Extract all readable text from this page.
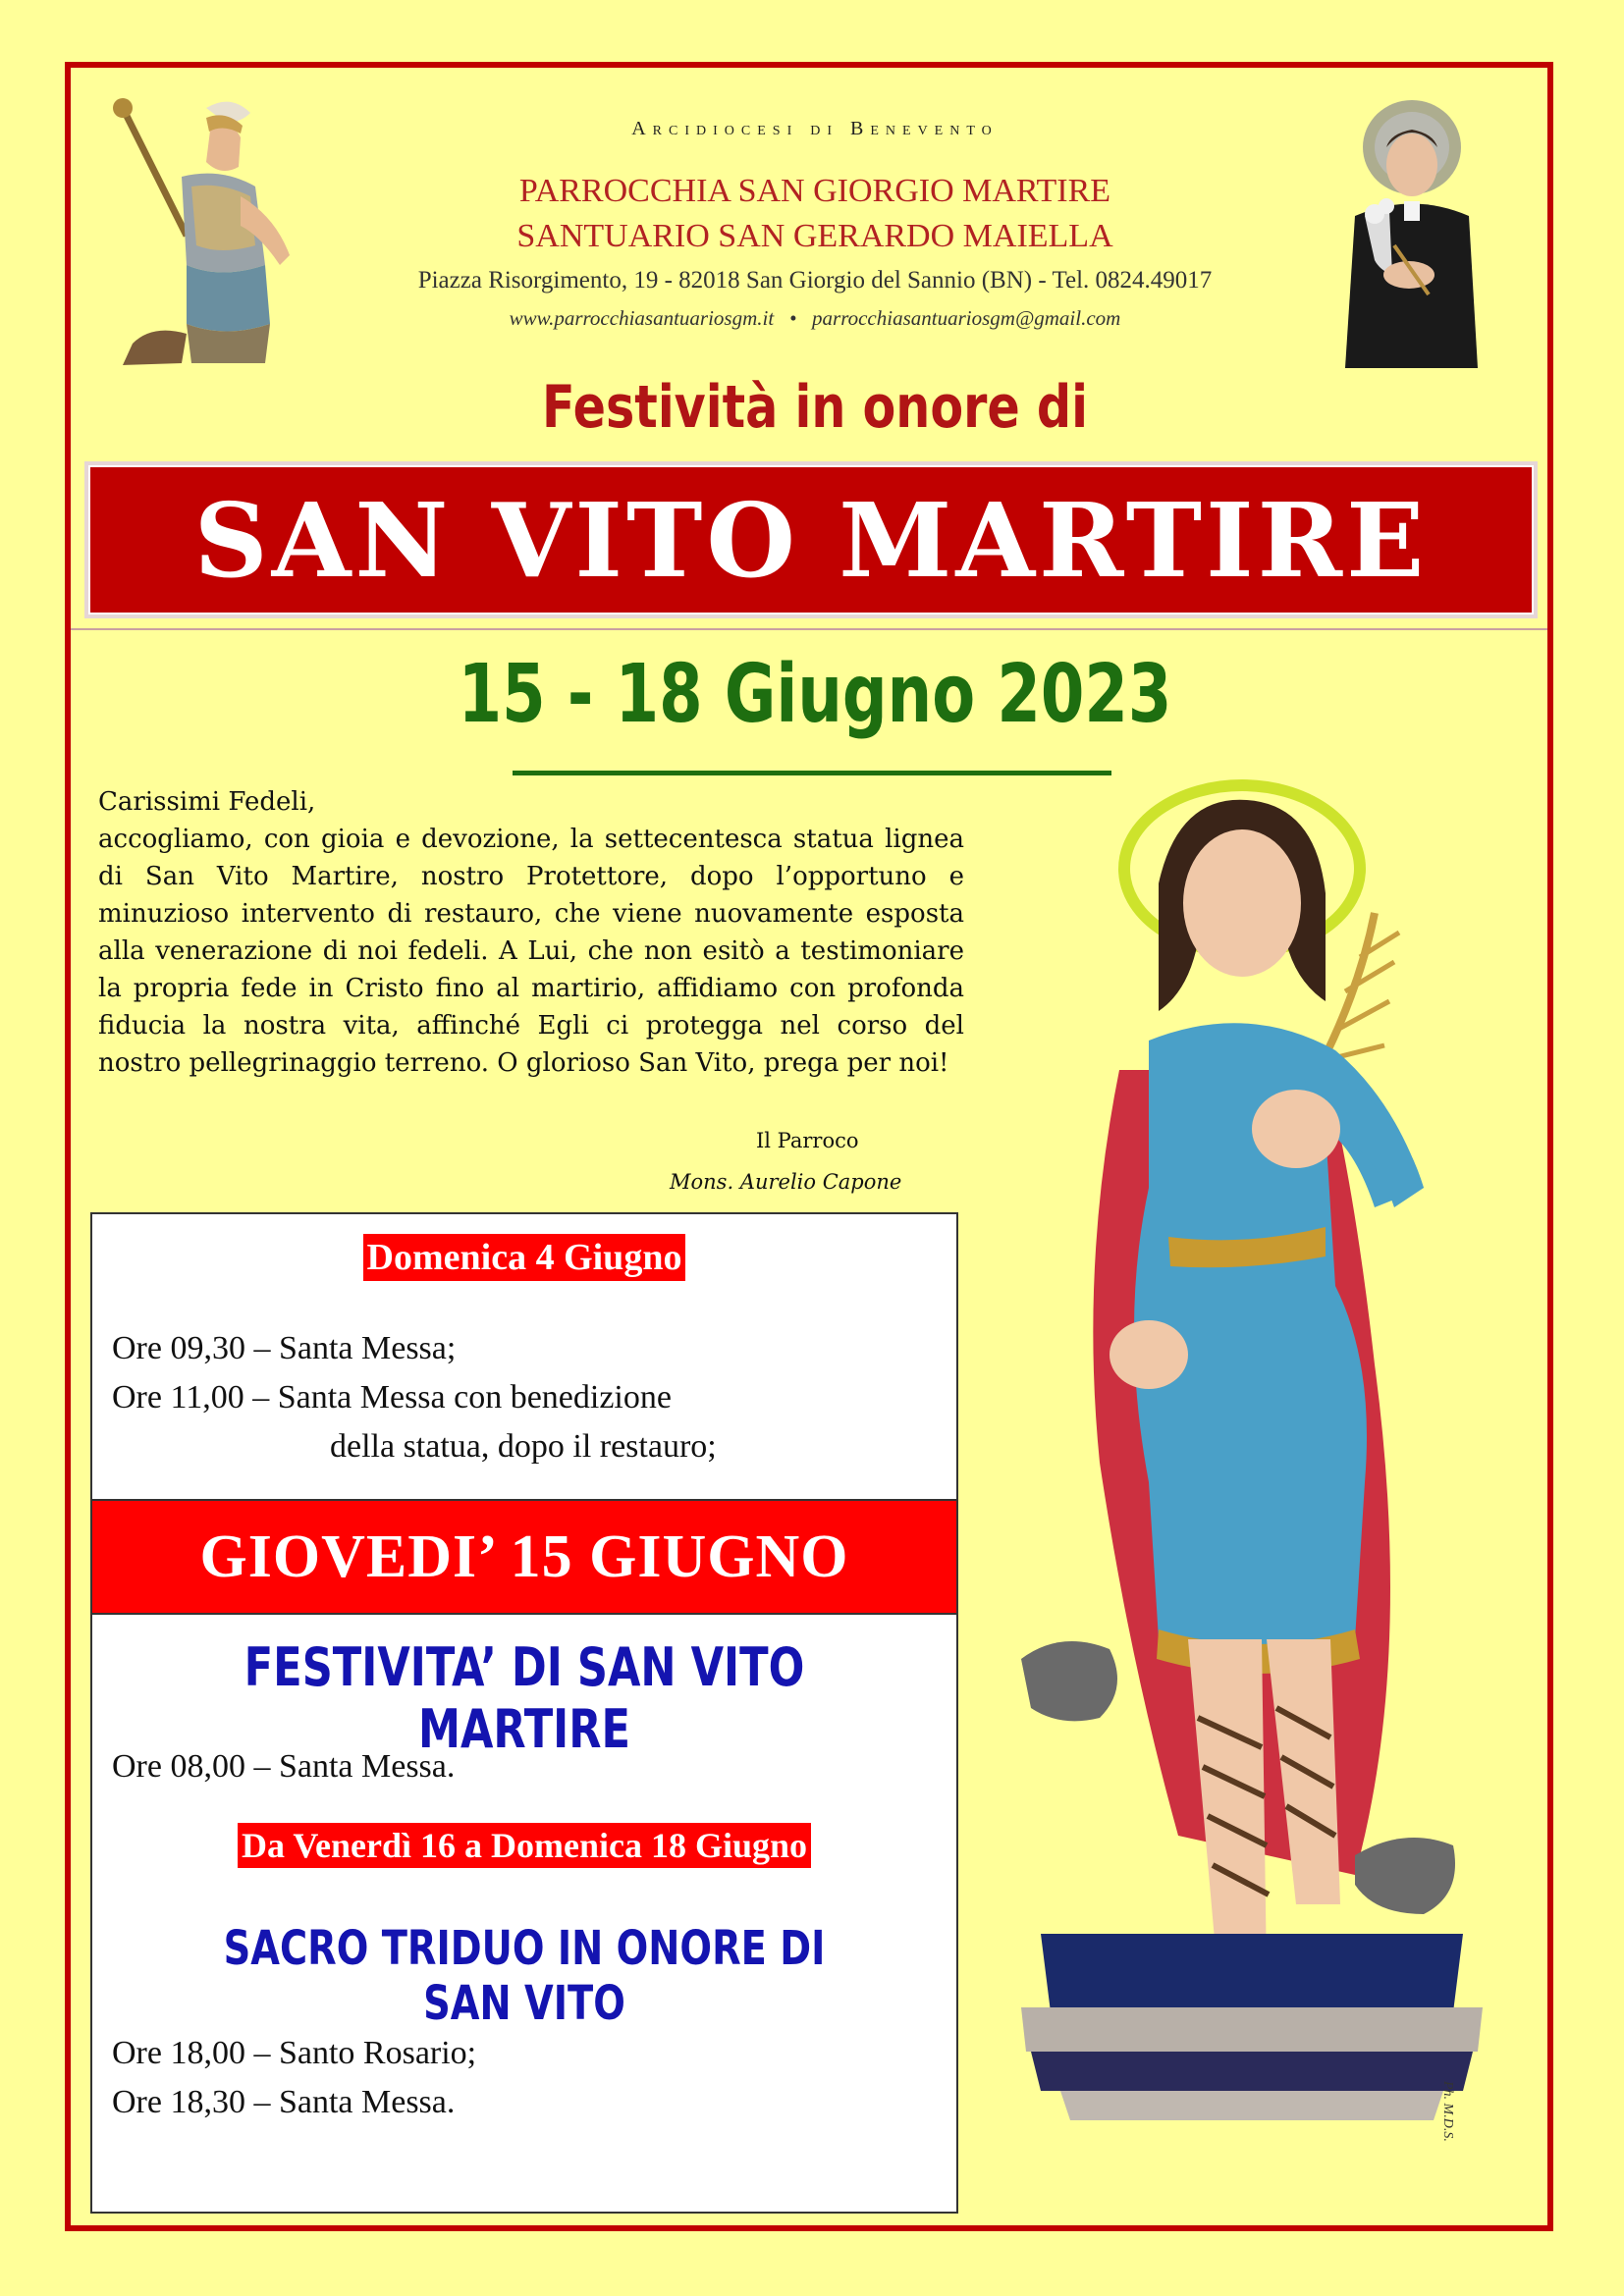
Arcidiocesi di Benevento
PARROCCHIA SAN GIORGIO MARTIRE
SANTUARIO SAN GERARDO MAIELLA
Piazza Risorgimento, 19 - 82018 San Giorgio del Sannio (BN) - Tel. 0824.49017
www.parrocchiasantuariosgm.it • parrocchiasantuariosgm@gmail.com
Festività in onore di
SAN VITO MARTIRE
15 - 18 Giugno 2023
Carissimi Fedeli,
accogliamo, con gioia e devozione, la settecentesca statua lignea di San Vito Martire, nostro Protettore, dopo l’opportuno e minuzioso intervento di restauro, che viene nuovamente esposta alla venerazione di noi fedeli. A Lui, che non esitò a testimoniare la propria fede in Cristo fino al martirio, affidiamo con profonda fiducia la nostra vita, affinché Egli ci protegga nel corso del nostro pellegrinaggio terreno. O glorioso San Vito, prega per noi!
Il Parroco
Mons. Aurelio Capone
Domenica 4 Giugno
Ore 09,30 – Santa Messa;
Ore 11,00 – Santa Messa con benedizione
della statua, dopo il restauro;
GIOVEDI’ 15 GIUGNO
FESTIVITA’ DI SAN VITO MARTIRE
Ore 08,00 – Santa Messa.
Da Venerdì 16 a Domenica 18 Giugno
SACRO TRIDUO IN ONORE DI SAN VITO
Ore 18,00 – Santo Rosario;
Ore 18,30 – Santa Messa.	Ph. M.D.S.
